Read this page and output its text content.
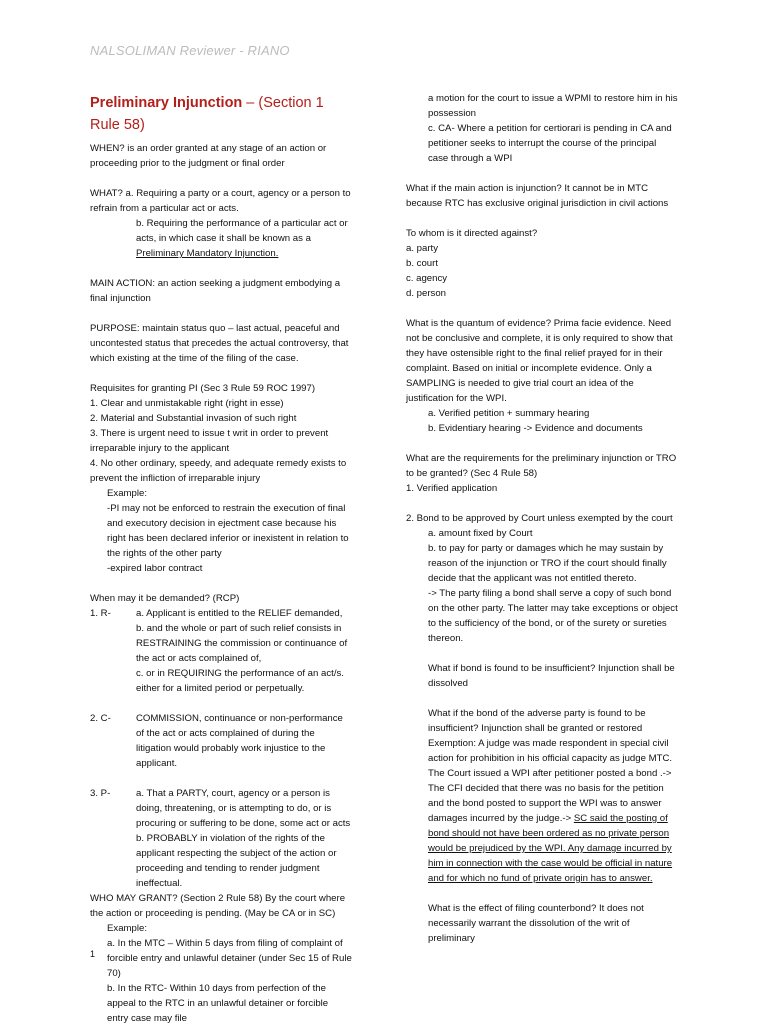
NALSOLIMAN Reviewer - RIANO

Preliminary Injunction – (Section 1 Rule 58)

WHEN? is an order granted at any stage of an action or proceeding prior to the judgment or final order

WHAT? a. Requiring a party or a court, agency or a person to refrain from a particular act or acts.

b. Requiring the performance of a particular act or acts, in which case it shall be known as a Preliminary Mandatory Injunction.

MAIN ACTION: an action seeking a judgment embodying a final injunction

PURPOSE: maintain status quo – last actual, peaceful and uncontested status that precedes the actual controversy, that which existing at the time of the filing of the case.

Requisites for granting PI (Sec 3 Rule 59 ROC 1997)

1. Clear and unmistakable right (right in esse)

2. Material and Substantial invasion of such right

3. There is urgent need to issue t writ in order to prevent irreparable injury to the applicant

4. No other ordinary, speedy, and adequate remedy exists to prevent the infliction of irreparable injury

Example:

-PI may not be enforced to restrain the execution of final and executory decision in ejectment case because his right has been declared inferior or inexistent in relation to the rights of the other party

-expired labor contract

When may it be demanded? (RCP)

1. R-	a. Applicant is entitled to the RELIEF demanded,

b. and the whole or part of such relief consists in RESTRAINING the commission or continuance of the act or acts complained of,

c. or in REQUIRING the performance of an act/s. either for a limited period or perpetually.

2. C-	COMMISSION, continuance or non-performance of the act or acts complained of during the litigation would probably work injustice to the applicant.

3. P-	a. That a PARTY, court, agency or a person is doing, threatening, or is attempting to do, or is procuring or suffering to be done, some act or acts

b. PROBABLY in violation of the rights of the applicant respecting the subject of the action or proceeding and tending to render judgment ineffectual.

WHO MAY GRANT? (Section 2 Rule 58) By the court where the action or proceeding is pending. (May be CA or in SC)

Example:

a. In the MTC – Within 5 days from filing of complaint of forcible entry and unlawful detainer (under Sec 15 of Rule 70)

b. In the RTC- Within 10 days from perfection of the appeal to the RTC in an unlawful detainer or forcible entry case may file

a motion for the court to issue a WPMI to restore him in his possession

c. CA- Where a petition for certiorari is pending in CA and petitioner seeks to interrupt the course of the principal case through a WPI

What if the main action is injunction? It cannot be in MTC because RTC has exclusive original jurisdiction in civil actions

To whom is it directed against?

a. party

b. court

c. agency

d. person

What is the quantum of evidence? Prima facie evidence. Need not be conclusive and complete, it is only required to show that they have ostensible right to the final relief prayed for in their complaint. Based on initial or incomplete evidence. Only a SAMPLING is needed to give trial court an idea of the justification for the WPI.

a. Verified petition + summary hearing

b. Evidentiary hearing -> Evidence and documents

What are the requirements for the preliminary injunction or TRO to be granted? (Sec 4 Rule 58)

1. Verified application

2. Bond to be approved by Court unless exempted by the court

a. amount fixed by Court

b. to pay for party or damages which he may sustain by reason of the injunction or TRO if the court should finally decide that the applicant was not entitled thereto.

-> The party filing a bond shall serve a copy of such bond on the other party. The latter may take exceptions or object to the sufficiency of the bond, or of the surety or sureties thereon.

What if bond is found to be insufficient? Injunction shall be dissolved

What if the bond of the adverse party is found to be insufficient? Injunction shall be granted or restored Exemption: A judge was made respondent in special civil action for prohibition in his official capacity as judge MTC. The Court issued a WPI after petitioner posted a bond .-> The CFI decided that there was no basis for the petition and the bond posted to support the WPI was to answer damages incurred by the judge.-> SC said the posting of bond should not have been ordered as no private person would be prejudiced by the WPI. Any damage incurred by him in connection with the case would be official in nature and for which no fund of private origin has to answer.

What is the effect of filing counterbond? It does not necessarily warrant the dissolution of the writ of preliminary

1
